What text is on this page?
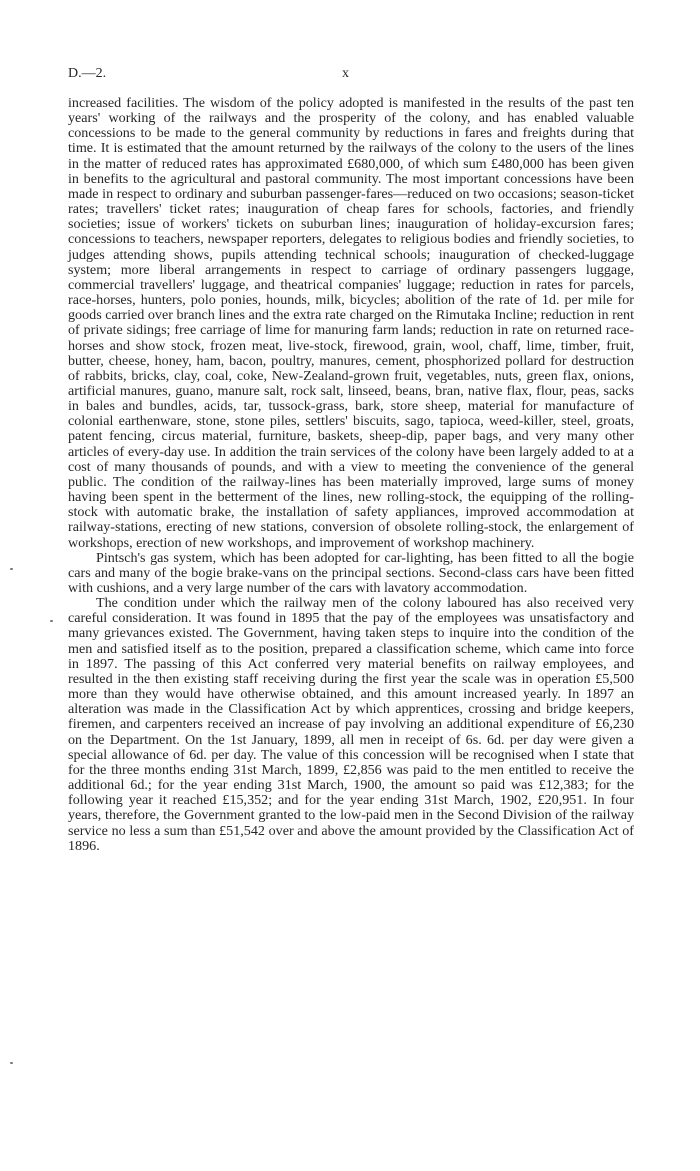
D.—2.	x

increased facilities. The wisdom of the policy adopted is manifested in the results of the past ten years' working of the railways and the prosperity of the colony, and has enabled valuable concessions to be made to the general community by reductions in fares and freights during that time. It is estimated that the amount returned by the railways of the colony to the users of the lines in the matter of reduced rates has approximated £680,000, of which sum £480,000 has been given in benefits to the agricultural and pastoral community. The most important concessions have been made in respect to ordinary and suburban passenger-fares—reduced on two occasions; season-ticket rates; travellers' ticket rates; inauguration of cheap fares for schools, factories, and friendly societies; issue of workers' tickets on suburban lines; inauguration of holiday-excursion fares; concessions to teachers, newspaper reporters, delegates to religious bodies and friendly societies, to judges attending shows, pupils attending technical schools; inauguration of checked-luggage system; more liberal arrangements in respect to carriage of ordinary passengers luggage, commercial travellers' luggage, and theatrical companies' luggage; reduction in rates for parcels, race-horses, hunters, polo ponies, hounds, milk, bicycles; abolition of the rate of 1d. per mile for goods carried over branch lines and the extra rate charged on the Rimutaka Incline; reduction in rent of private sidings; free carriage of lime for manuring farm lands; reduction in rate on returned race-horses and show stock, frozen meat, live-stock, firewood, grain, wool, chaff, lime, timber, fruit, butter, cheese, honey, ham, bacon, poultry, manures, cement, phosphorized pollard for destruction of rabbits, bricks, clay, coal, coke, New-Zealand-grown fruit, vegetables, nuts, green flax, onions, artificial manures, guano, manure salt, rock salt, linseed, beans, bran, native flax, flour, peas, sacks in bales and bundles, acids, tar, tussock-grass, bark, store sheep, material for manufacture of colonial earthenware, stone, stone piles, settlers' biscuits, sago, tapioca, weed-killer, steel, groats, patent fencing, circus material, furniture, baskets, sheep-dip, paper bags, and very many other articles of every-day use. In addition the train services of the colony have been largely added to at a cost of many thousands of pounds, and with a view to meeting the convenience of the general public. The condition of the railway-lines has been materially improved, large sums of money having been spent in the betterment of the lines, new rolling-stock, the equipping of the rolling-stock with automatic brake, the installation of safety appliances, improved accommodation at railway-stations, erecting of new stations, conversion of obsolete rolling-stock, the enlargement of workshops, erection of new workshops, and improvement of workshop machinery.

Pintsch's gas system, which has been adopted for car-lighting, has been fitted to all the bogie cars and many of the bogie brake-vans on the principal sections. Second-class cars have been fitted with cushions, and a very large number of the cars with lavatory accommodation.

The condition under which the railway men of the colony laboured has also received very careful consideration. It was found in 1895 that the pay of the employees was unsatisfactory and many grievances existed. The Government, having taken steps to inquire into the condition of the men and satisfied itself as to the position, prepared a classification scheme, which came into force in 1897. The passing of this Act conferred very material benefits on railway employees, and resulted in the then existing staff receiving during the first year the scale was in operation £5,500 more than they would have otherwise obtained, and this amount increased yearly. In 1897 an alteration was made in the Classification Act by which apprentices, crossing and bridge keepers, firemen, and carpenters received an increase of pay involving an additional expenditure of £6,230 on the Department. On the 1st January, 1899, all men in receipt of 6s. 6d. per day were given a special allowance of 6d. per day. The value of this concession will be recognised when I state that for the three months ending 31st March, 1899, £2,856 was paid to the men entitled to receive the additional 6d.; for the year ending 31st March, 1900, the amount so paid was £12,383; for the following year it reached £15,352; and for the year ending 31st March, 1902, £20,951. In four years, therefore, the Government granted to the low-paid men in the Second Division of the railway service no less a sum than £51,542 over and above the amount provided by the Classification Act of 1896.
